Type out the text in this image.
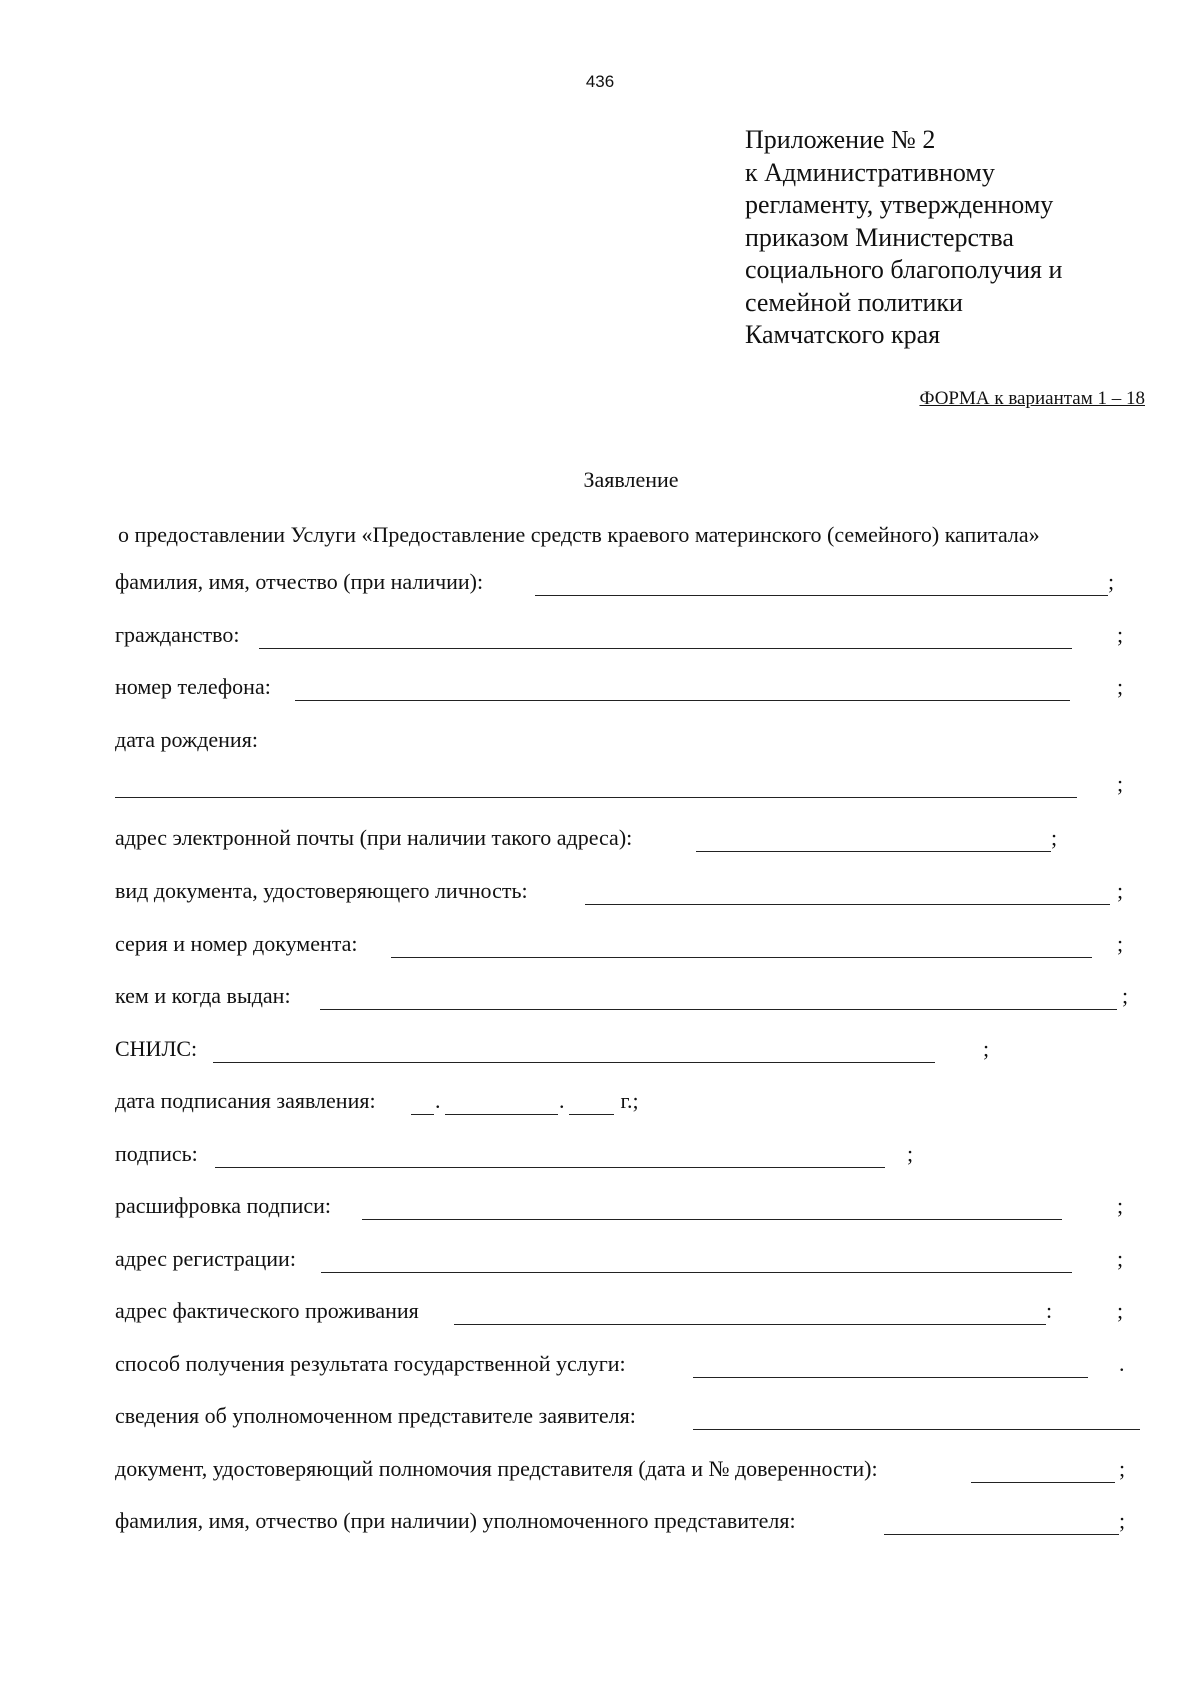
436
Приложение № 2
к Административному
регламенту, утвержденному
приказом Министерства
социального благополучия и
семейной политики
Камчатского края
ФОРМА к вариантам 1 – 18
Заявление
о предоставлении Услуги «Предоставление средств краевого материнского (семейного) капитала»
фамилия, имя, отчество (при наличии):	;
гражданство:	;
номер телефона:	;
дата рождения:
;
адрес электронной почты (при наличии такого адреса):	;
вид документа, удостоверяющего личность:	;
серия и номер документа:	;
кем и когда выдан:	;
СНИЛС:	;
дата подписания заявления:	.	. г.;
подпись:	;
расшифровка подписи:	;
адрес регистрации:	;
адрес фактического проживания	:	;
способ получения результата государственной услуги:	.
сведения об уполномоченном представителе заявителя:
документ, удостоверяющий полномочия представителя (дата и № доверенности):	;
фамилия, имя, отчество (при наличии) уполномоченного представителя:	;
